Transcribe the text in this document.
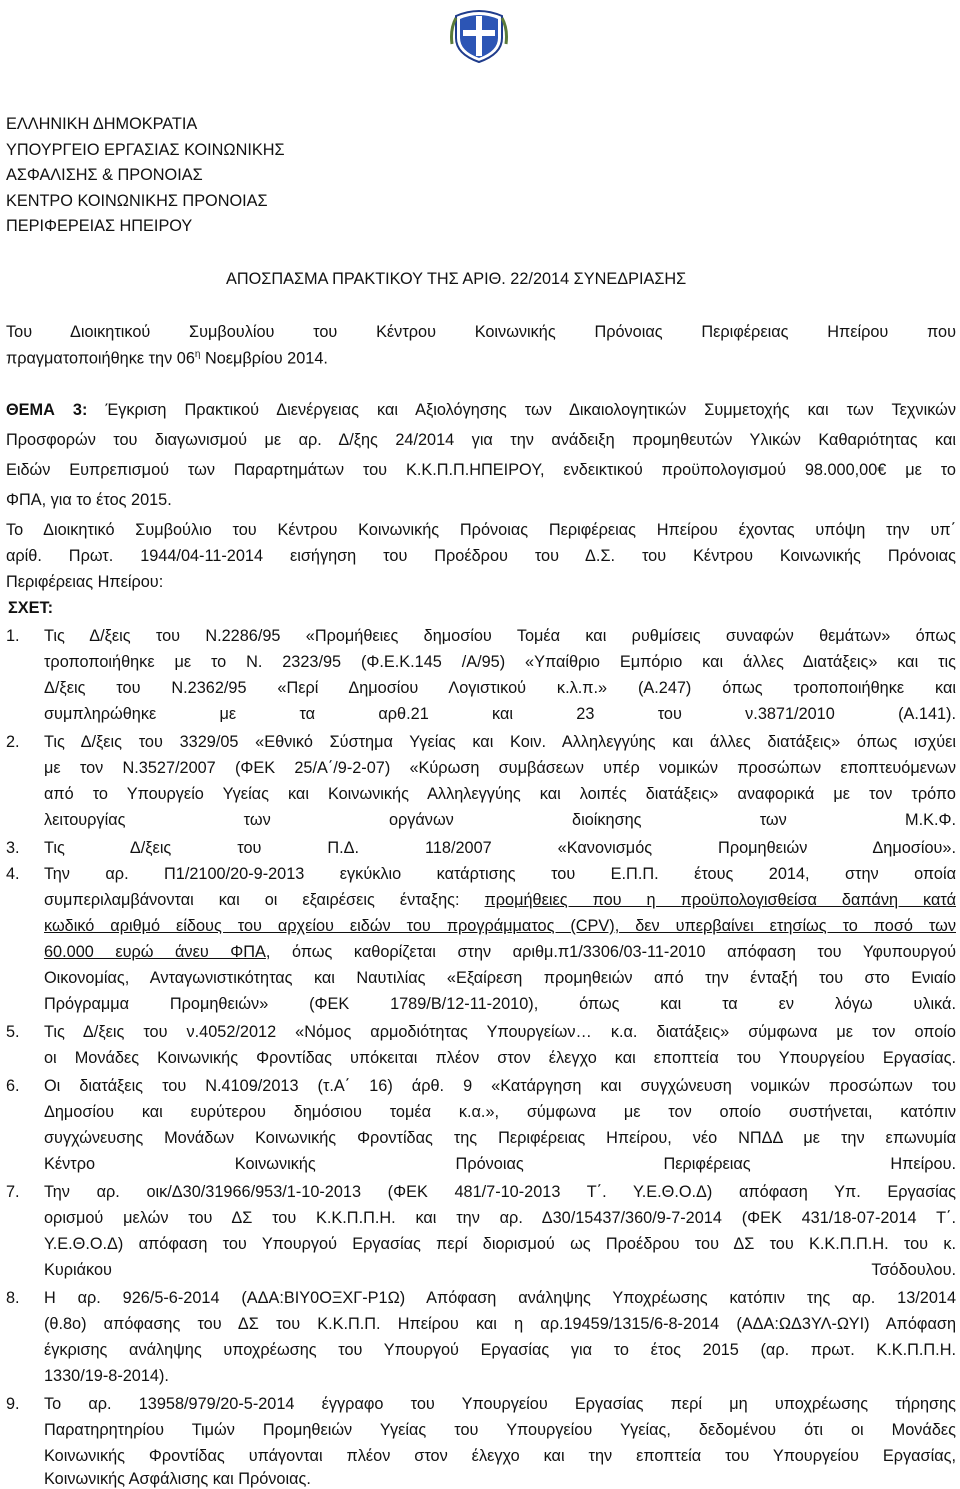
ΕΛΛΗΝΙΚΗ ΔΗΜΟΚΡΑΤΙΑ
ΥΠΟΥΡΓΕΙΟ ΕΡΓΑΣΙΑΣ ΚΟΙΝΩΝΙΚΗΣ
ΑΣΦΑΛΙΣΗΣ & ΠΡΟΝΟΙΑΣ
ΚΕΝΤΡΟ ΚΟΙΝΩΝΙΚΗΣ ΠΡΟΝΟΙΑΣ
ΠΕΡΙΦΕΡΕΙΑΣ ΗΠΕΙΡΟΥ
ΑΠΟΣΠΑΣΜΑ ΠΡΑΚΤΙΚΟΥ ΤΗΣ ΑΡΙΘ. 22/2014 ΣΥΝΕΔΡΙΑΣΗΣ
Του Διοικητικού Συμβουλίου του Κέντρου Κοινωνικής Πρόνοιας Περιφέρειας Ηπείρου που
πραγματοποιήθηκε την $06^\eta$ Νοεμβρίου 2014.
ΘΕΜΑ 3: Έγκριση Πρακτικού Διενέργειας και Αξιολόγησης των Δικαιολογητικών Συμμετοχής και των Τεχνικών
Προσφορών του διαγωνισμού με αρ. Δ/ξης 24/2014 για την ανάδειξη προμηθευτών Υλικών Καθαριότητας και
Ειδών Ευπρεπισμού των Παραρτημάτων του Κ.Κ.Π.Π.ΗΠΕΙΡΟΥ, ενδεικτικού προϋπολογισμού 98.000,00€ με το
ΦΠΑ, για το έτος 2015.
Το Διοικητικό Συμβούλιο του Κέντρου Κοινωνικής Πρόνοιας Περιφέρειας Ηπείρου έχοντας υπόψη την υπ΄
αρίθ. Πρωτ. 1944/04-11-2014 εισήγηση του Προέδρου του Δ.Σ. του Κέντρου Κοινωνικής Πρόνοιας
Περιφέρειας Ηπείρου:
ΣΧΕΤ:
1. Τις Δ/ξεις του Ν.2286/95 «Προμήθειες δημοσίου Τομέα και ρυθμίσεις συναφών θεμάτων» όπως
τροποποιήθηκε με το Ν. 2323/95 (Φ.Ε.Κ.145 /Α/95) «Υπαίθριο Εμπόριο και άλλες Διατάξεις» και τις
Δ/ξεις του Ν.2362/95 «Περί Δημοσίου Λογιστικού κ.λ.π.» (Α.247) όπως τροποποιήθηκε και
συμπληρώθηκε με τα αρθ.21 και 23 του ν.3871/2010 (Α.141).
2. Τις Δ/ξεις του 3329/05 «Εθνικό Σύστημα Υγείας και Κοιν. Αλληλεγγύης και άλλες διατάξεις» όπως ισχύει
με τον Ν.3527/2007 (ΦΕΚ 25/Α΄/9-2-07) «Κύρωση συμβάσεων υπέρ νομικών προσώπων εποπτευόμενων
από το Υπουργείο Υγείας και Κοινωνικής Αλληλεγγύης και λοιπές διατάξεις» αναφορικά με τον τρόπο
λειτουργίας των οργάνων διοίκησης των Μ.Κ.Φ.
3. Τις Δ/ξεις του Π.Δ. 118/2007 «Κανονισμός Προμηθειών Δημοσίου».
4. Την αρ. Π1/2100/20-9-2013 εγκύκλιο κατάρτισης του Ε.Π.Π. έτους 2014, στην οποία
συμπεριλαμβάνονται και οι εξαιρέσεις ένταξης: προμήθειες που η προϋπολογισθείσα δαπάνη κατά
κωδικό αριθμό είδους του αρχείου ειδών του προγράμματος (CPV), δεν υπερβαίνει ετησίως το ποσό των
60.000 ευρώ άνευ ΦΠΑ, όπως καθορίζεται στην αριθμ.π1/3306/03-11-2010 απόφαση του Υφυπουργού
Οικονομίας, Ανταγωνιστικότητας και Ναυτιλίας «Εξαίρεση προμηθειών από την ένταξή του στο Ενιαίο
Πρόγραμμα Προμηθειών» (ΦΕΚ 1789/Β/12-11-2010), όπως και τα εν λόγω υλικά.
5. Τις Δ/ξεις του ν.4052/2012 «Νόμος αρμοδιότητας Υπουργείων… κ.α. διατάξεις» σύμφωνα με τον οποίο
οι Μονάδες Κοινωνικής Φροντίδας υπόκειται πλέον στον έλεγχο και εποπτεία του Υπουργείου Εργασίας.
6. Οι διατάξεις του Ν.4109/2013 (τ.Α΄ 16) άρθ. 9 «Κατάργηση και συγχώνευση νομικών προσώπων του
Δημοσίου και ευρύτερου δημόσιου τομέα κ.α.», σύμφωνα με τον οποίο συστήνεται, κατόπιν
συγχώνευσης Μονάδων Κοινωνικής Φροντίδας της Περιφέρειας Ηπείρου, νέο ΝΠΔΔ με την επωνυμία
Κέντρο Κοινωνικής Πρόνοιας Περιφέρειας Ηπείρου.
7. Την αρ. οικ/Δ30/31966/953/1-10-2013 (ΦΕΚ 481/7-10-2013 Τ΄. Υ.Ε.Θ.Ο.Δ) απόφαση Υπ. Εργασίας
ορισμού μελών του ΔΣ του Κ.Κ.Π.Π.Η. και την αρ. Δ30/15437/360/9-7-2014 (ΦΕΚ 431/18-07-2014 Τ΄.
Υ.Ε.Θ.Ο.Δ) απόφαση του Υπουργού Εργασίας περί διορισμού ως Προέδρου του ΔΣ του Κ.Κ.Π.Π.Η. του κ.
Κυριάκου Τσόδουλου.
8. Η αρ. 926/5-6-2014 (ΑΔΑ:ΒΙΥ0ΟΞΧΓ-Ρ1Ω) Απόφαση ανάληψης Υποχρέωσης κατόπιν της αρ. 13/2014
(θ.8ο) απόφασης του ΔΣ του Κ.Κ.Π.Π. Ηπείρου και η αρ.19459/1315/6-8-2014 (ΑΔΑ:ΩΔ3ΥΛ-ΩΥΙ) Απόφαση
έγκρισης ανάληψης υποχρέωσης του Υπουργού Εργασίας για το έτος 2015 (αρ. πρωτ. Κ.Κ.Π.Π.Η.
1330/19-8-2014).
9. Το αρ. 13958/979/20-5-2014 έγγραφο του Υπουργείου Εργασίας περί μη υποχρέωσης τήρησης
Παρατηρητηρίου Τιμών Προμηθειών Υγείας του Υπουργείου Υγείας, δεδομένου ότι οι Μονάδες
Κοινωνικής Φροντίδας υπάγονται πλέον στον έλεγχο και την εποπτεία του Υπουργείου Εργασίας,
Κοινωνικής Ασφάλισης και Πρόνοιας.
